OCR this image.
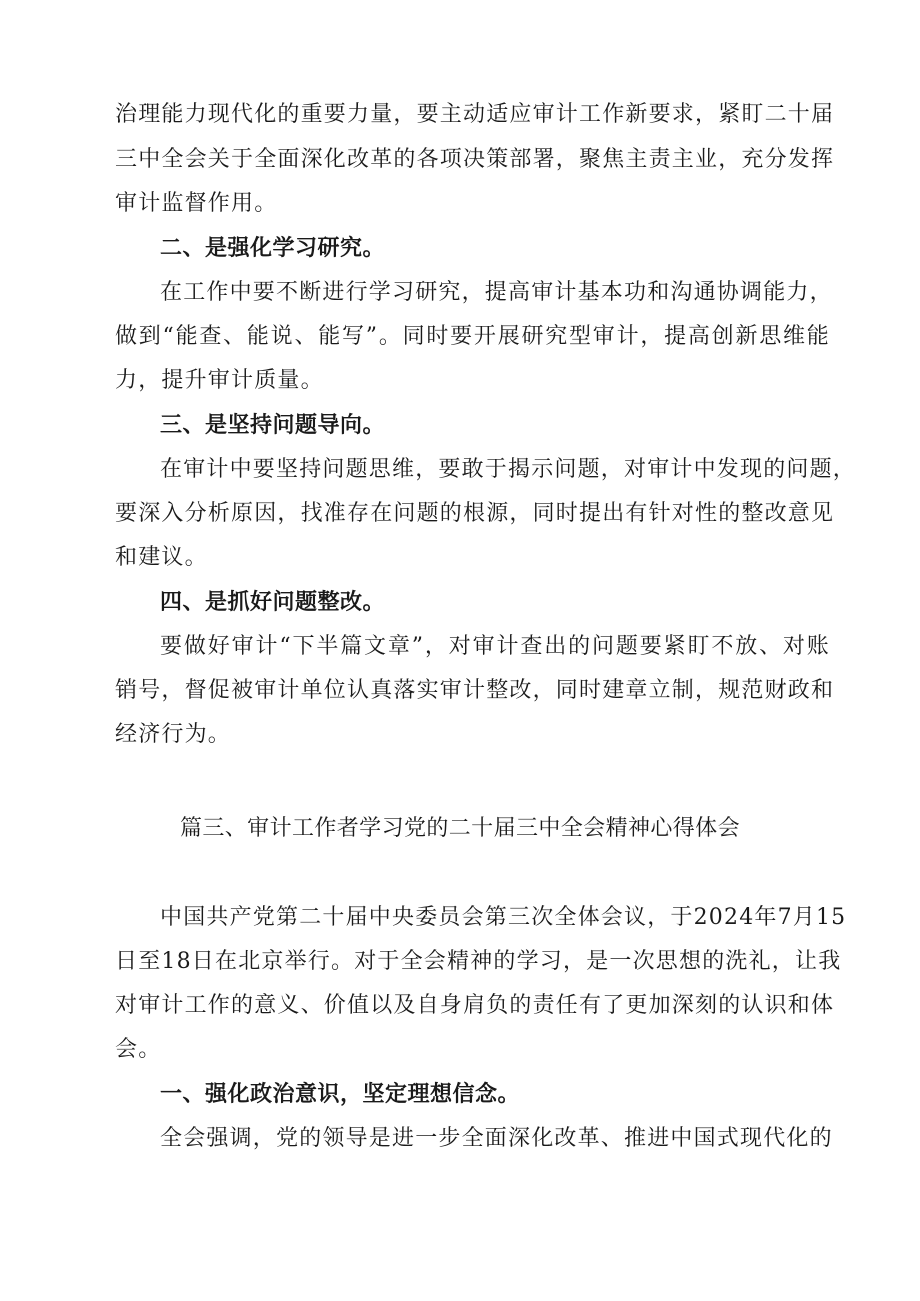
治理能力现代化的重要力量，要主动适应审计工作新要求，紧盯二十届
三中全会关于全面深化改革的各项决策部署，聚焦主责主业，充分发挥
审计监督作用。
二、是强化学习研究。
在工作中要不断进行学习研究，提高审计基本功和沟通协调能力，
做到“能查、能说、能写”。同时要开展研究型审计，提高创新思维能
力，提升审计质量。
三、是坚持问题导向。
在审计中要坚持问题思维，要敢于揭示问题，对审计中发现的问题，
要深入分析原因，找准存在问题的根源，同时提出有针对性的整改意见
和建议。
四、是抓好问题整改。
要做好审计“下半篇文章”，对审计查出的问题要紧盯不放、对账
销号，督促被审计单位认真落实审计整改，同时建章立制，规范财政和
经济行为。
篇三、审计工作者学习党的二十届三中全会精神心得体会
中国共产党第二十届中央委员会第三次全体会议，于2024年7月15
日至18日在北京举行。对于全会精神的学习，是一次思想的洗礼，让我
对审计工作的意义、价值以及自身肩负的责任有了更加深刻的认识和体
会。
一、强化政治意识，坚定理想信念。
全会强调，党的领导是进一步全面深化改革、推进中国式现代化的
